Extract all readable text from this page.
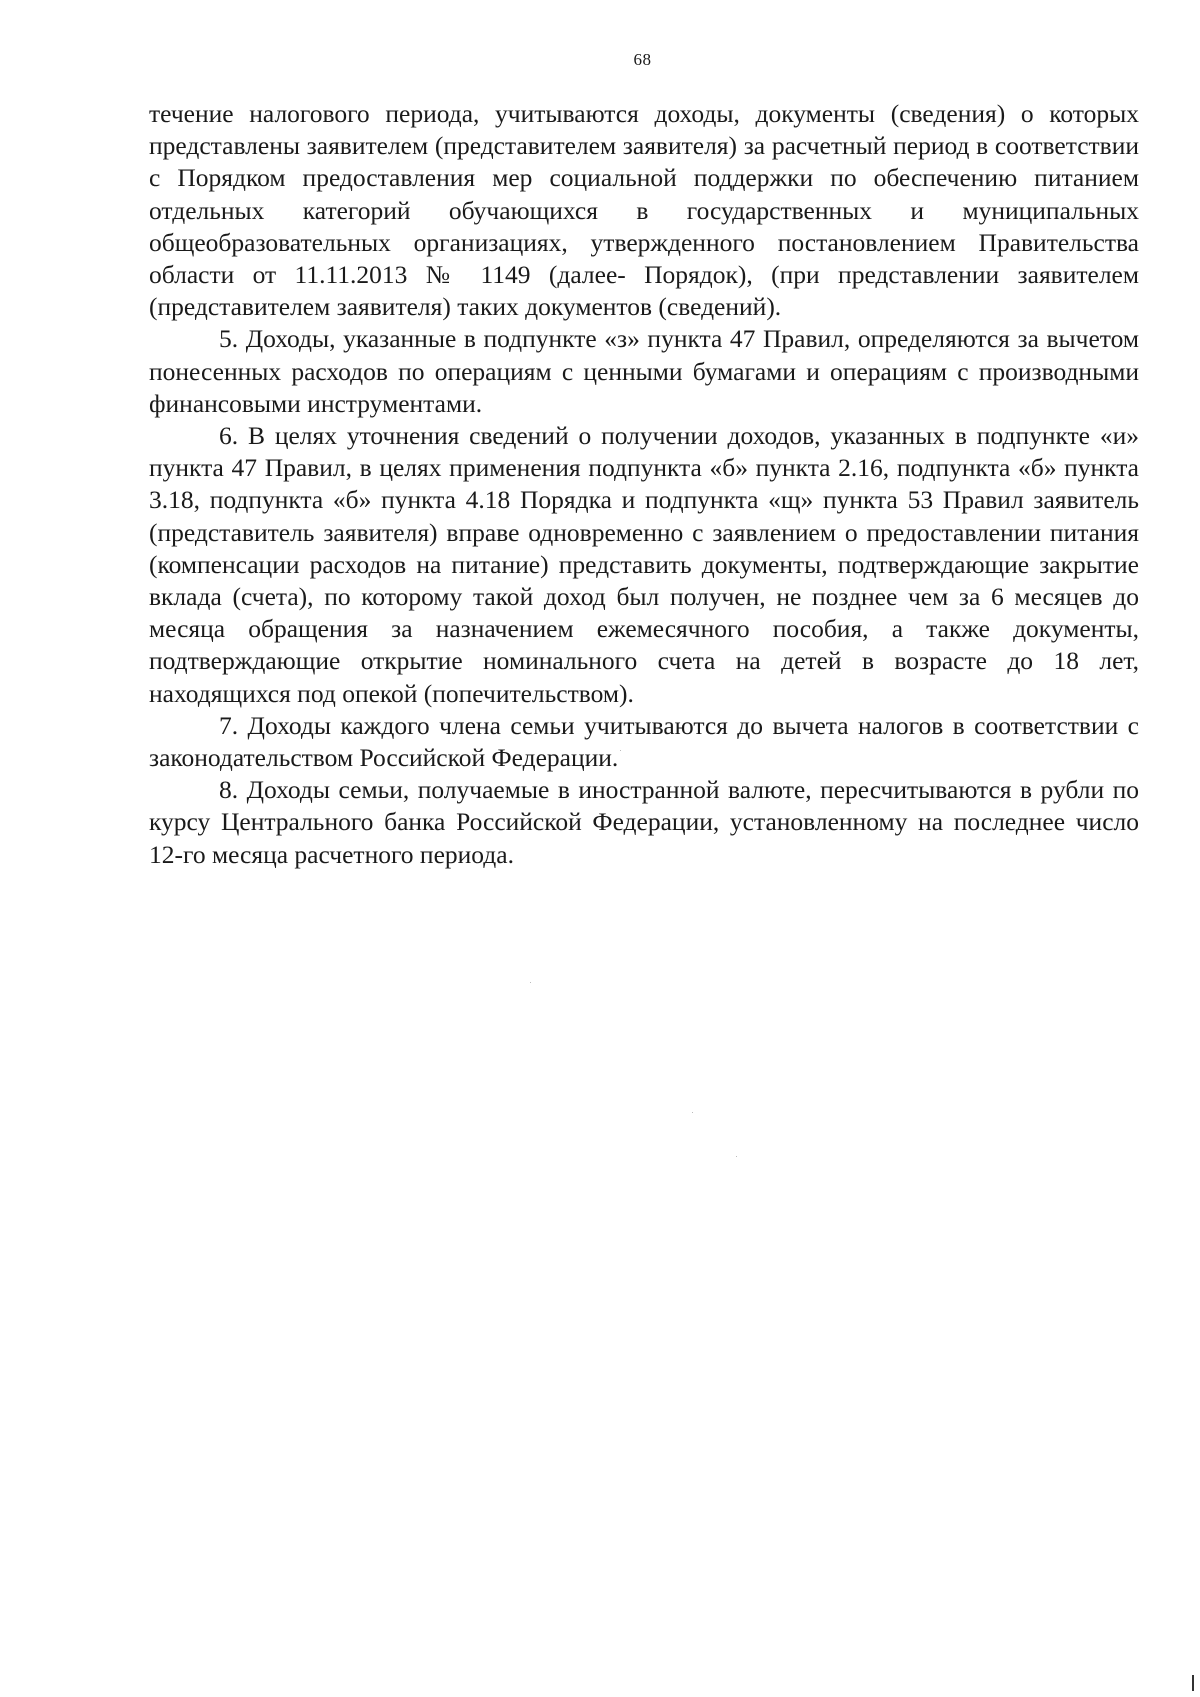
68

течение налогового периода, учитываются доходы, документы (сведения) о которых представлены заявителем (представителем заявителя) за расчетный период в соответствии с Порядком предоставления мер социальной поддержки по обеспечению питанием отдельных категорий обучающихся в государственных и муниципальных общеобразовательных организациях, утвержденного постановлением Правительства области от 11.11.2013 № 1149 (далее- Порядок), (при представлении заявителем (представителем заявителя) таких документов (сведений).

5. Доходы, указанные в подпункте «з» пункта 47 Правил, определяются за вычетом понесенных расходов по операциям с ценными бумагами и операциям с производными финансовыми инструментами.

6. В целях уточнения сведений о получении доходов, указанных в подпункте «и» пункта 47 Правил, в целях применения подпункта «б» пункта 2.16, подпункта «б» пункта 3.18, подпункта «б» пункта 4.18 Порядка и подпункта «щ» пункта 53 Правил заявитель (представитель заявителя) вправе одновременно с заявлением о предоставлении питания (компенсации расходов на питание) представить документы, подтверждающие закрытие вклада (счета), по которому такой доход был получен, не позднее чем за 6 месяцев до месяца обращения за назначением ежемесячного пособия, а также документы, подтверждающие открытие номинального счета на детей в возрасте до 18 лет, находящихся под опекой (попечительством).

7. Доходы каждого члена семьи учитываются до вычета налогов в соответствии с законодательством Российской Федерации.

8. Доходы семьи, получаемые в иностранной валюте, пересчитываются в рубли по курсу Центрального банка Российской Федерации, установленному на последнее число 12-го месяца расчетного периода.
